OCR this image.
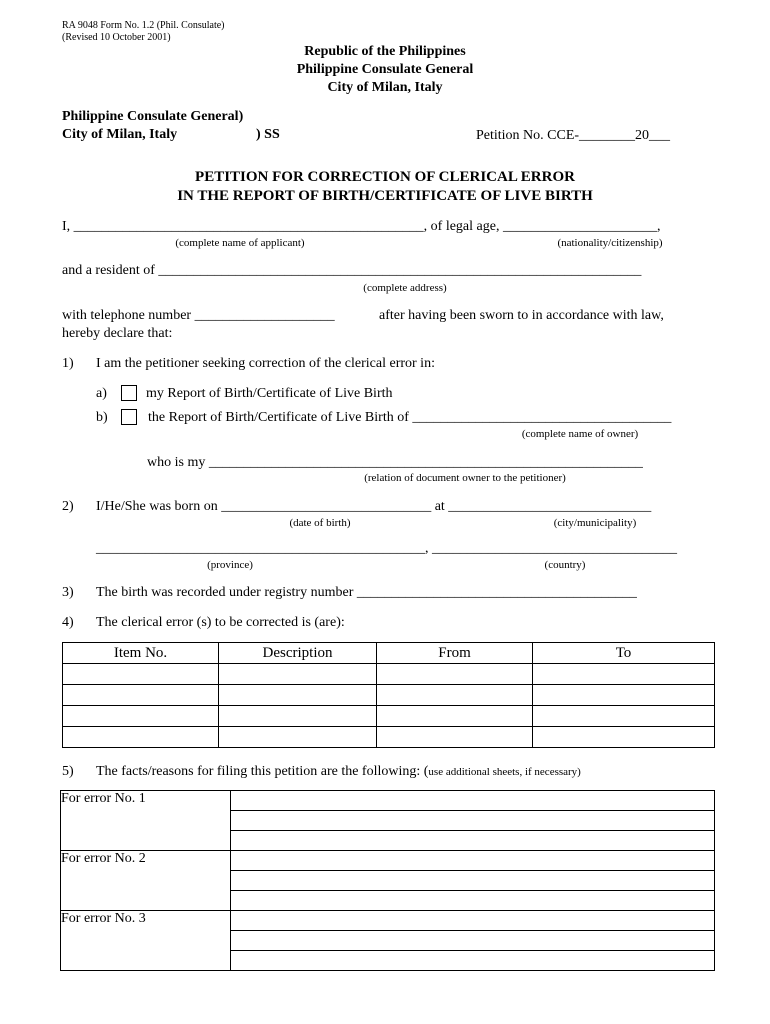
RA 9048 Form No. 1.2 (Phil. Consulate)
(Revised 10 October 2001)
Republic of the Philippines
Philippine Consulate General
City of Milan, Italy
Philippine Consulate General)
City of Milan, Italy	) SS	Petition No. CCE-________20___
PETITION FOR CORRECTION OF CLERICAL ERROR
IN THE REPORT OF BIRTH/CERTIFICATE OF LIVE BIRTH
I, __________________________________________________, of legal age, ______________________,
(complete name of applicant)	(nationality/citizenship)
and a resident of _____________________________________________________________________
(complete address)
with telephone number ____________________	after having been sworn to in accordance with law,
hereby declare that:
1) I am the petitioner seeking correction of the clerical error in:
a)	my Report of Birth/Certificate of Live Birth
b)	the Report of Birth/Certificate of Live Birth of _____________________________________
(complete name of owner)
who is my ______________________________________________________________
(relation of document owner to the petitioner)
2) I/He/She was born on ______________________________ at _____________________________
(date of birth)	(city/municipality)
_______________________________________________, ___________________________________
(province)	(country)
3) The birth was recorded under registry number ________________________________________
4) The clerical error (s) to be corrected is (are):
Item No.	Description	From	To

5) The facts/reasons for filing this petition are the following: (use additional sheets, if necessary)
For error No. 1	

For error No. 2	

For error No. 3	
